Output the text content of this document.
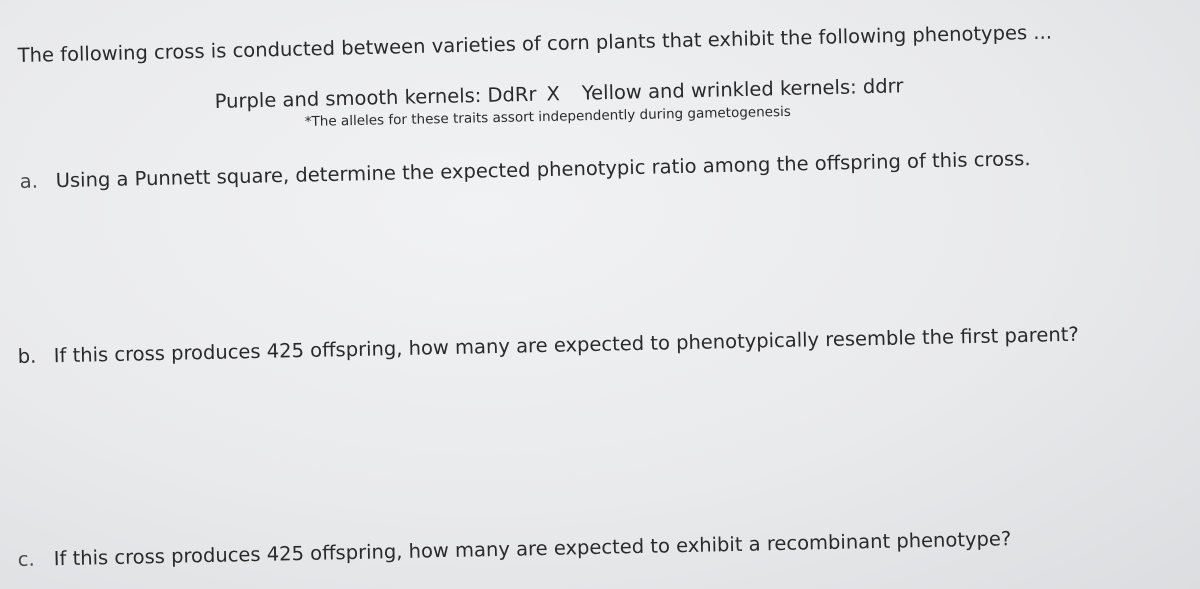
The following cross is conducted between varieties of corn plants that exhibit the following phenotypes ...
Purple and smooth kernels: DdRr X Yellow and wrinkled kernels: ddrr
*The alleles for these traits assort independently during gametogenesis
a. Using a Punnett square, determine the expected phenotypic ratio among the offspring of this cross.
b. If this cross produces 425 offspring, how many are expected to phenotypically resemble the first parent?
c. If this cross produces 425 offspring, how many are expected to exhibit a recombinant phenotype?
